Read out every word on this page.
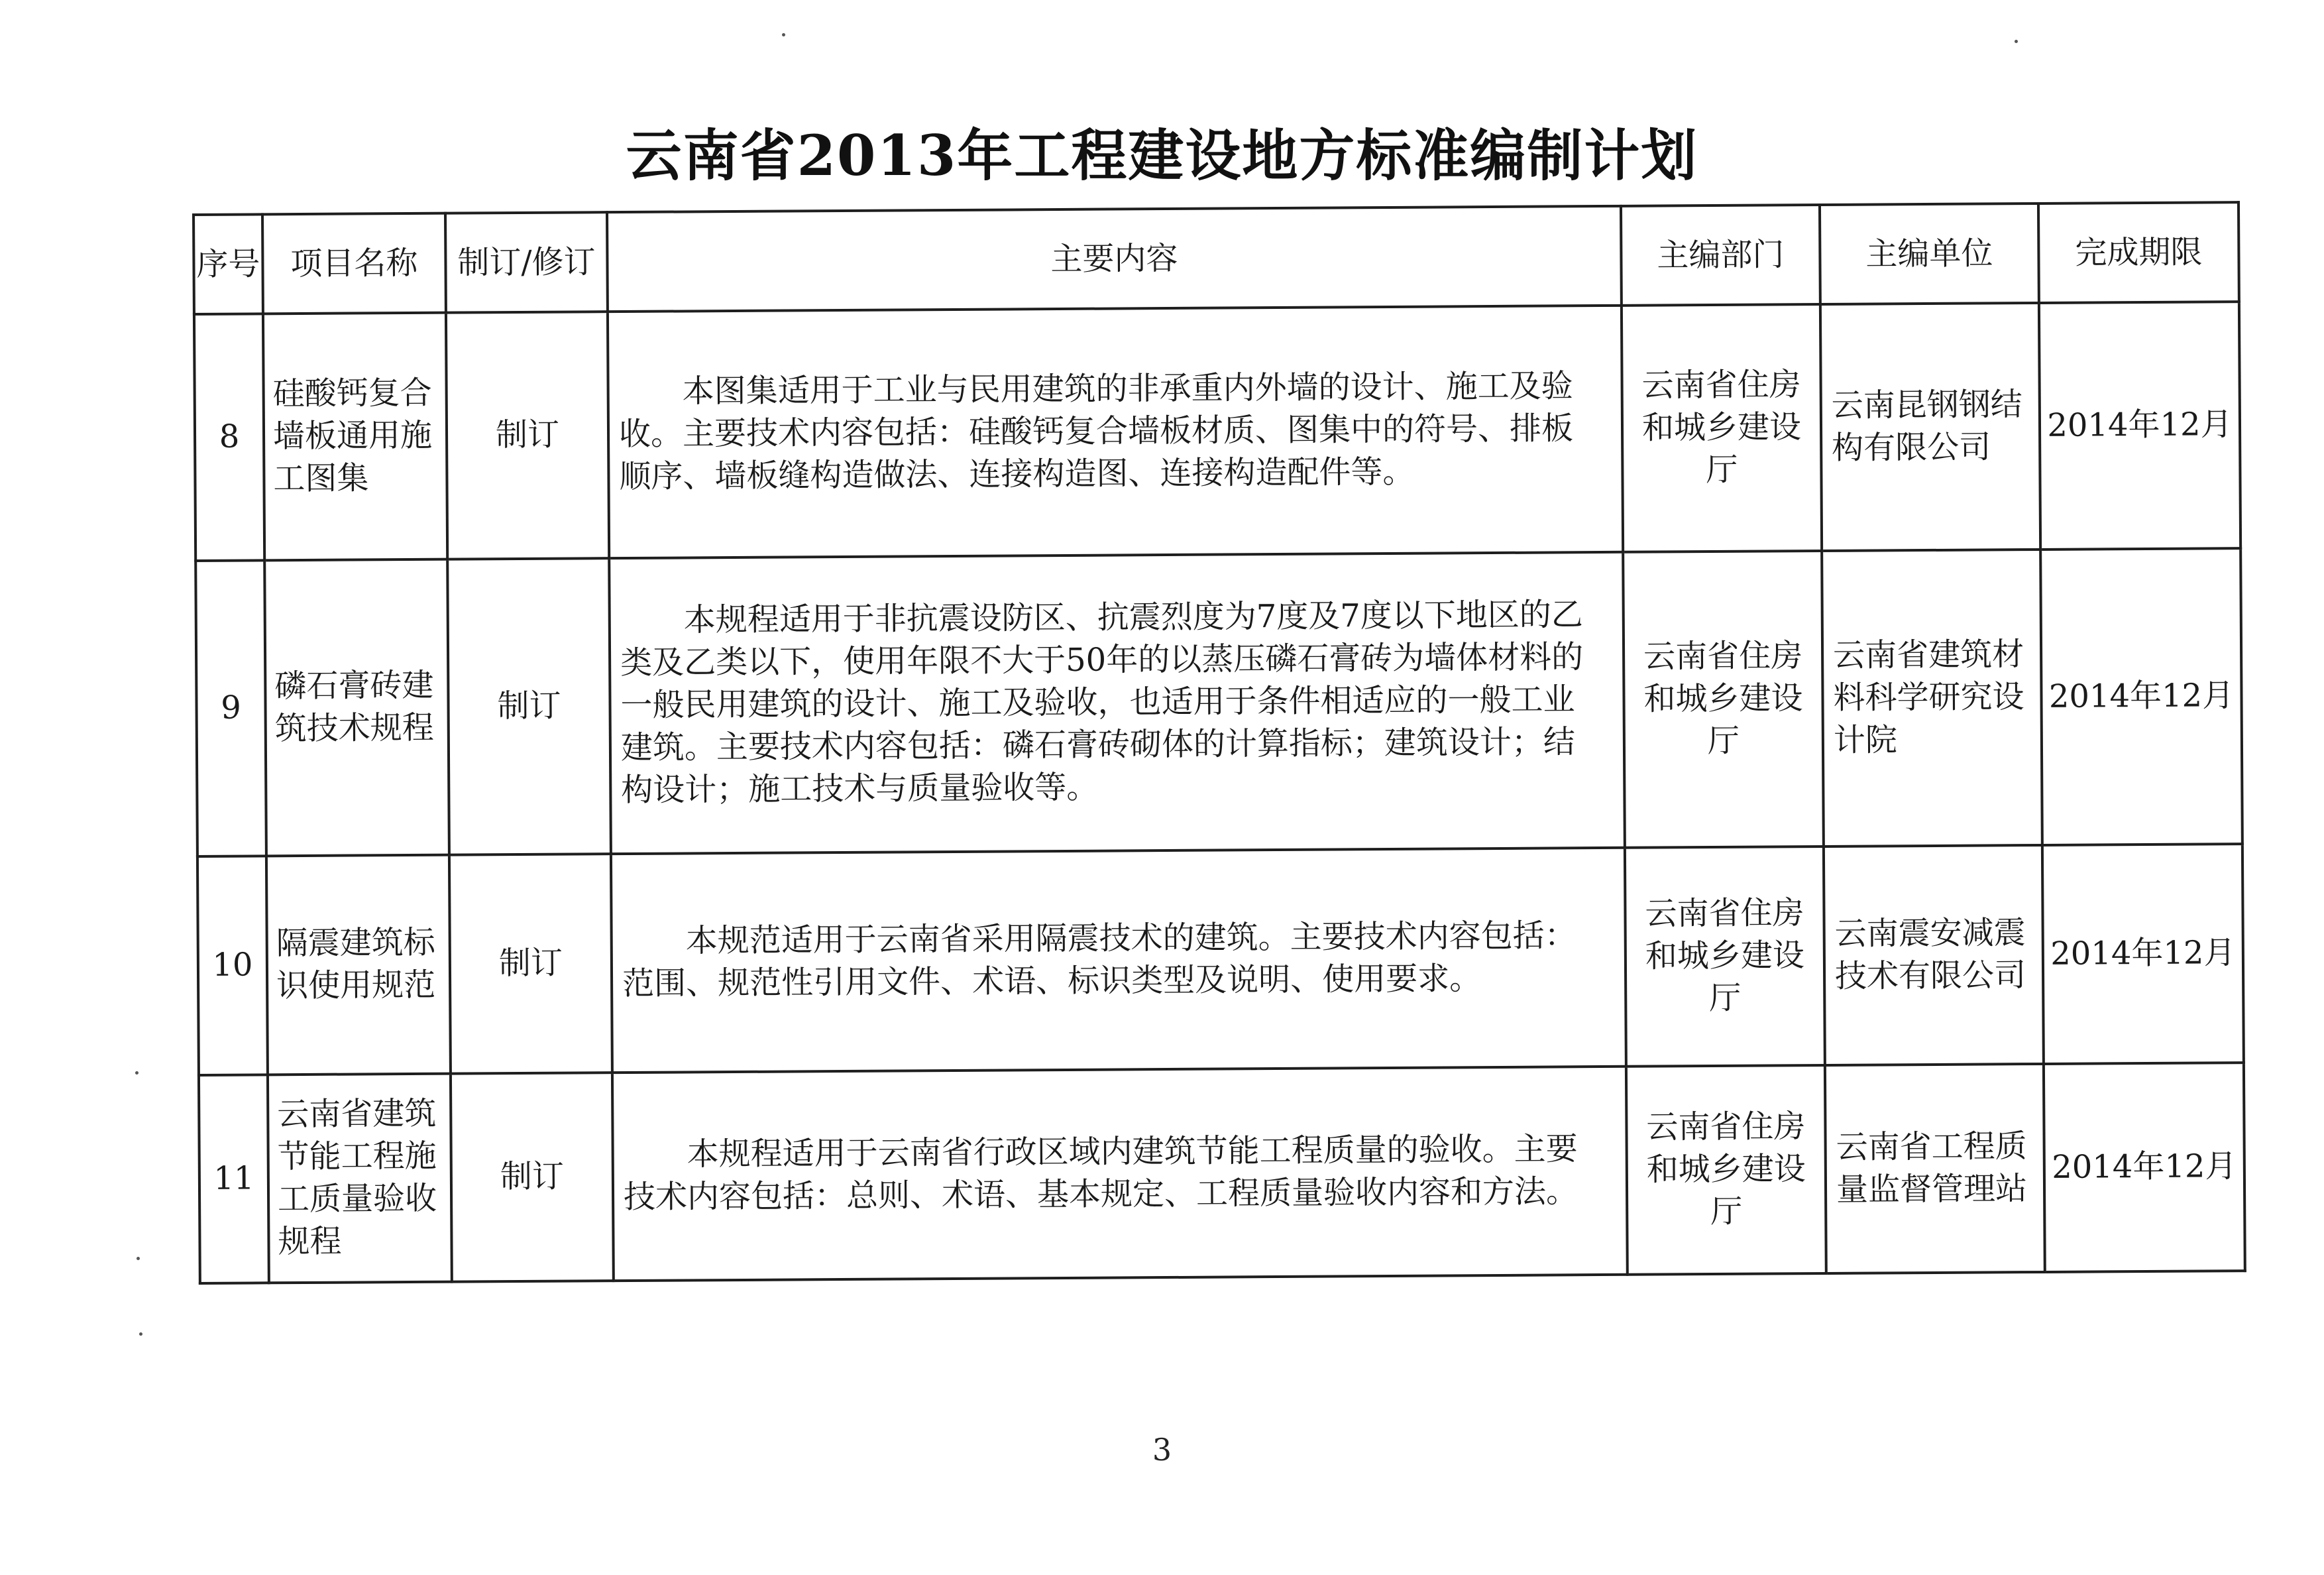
云南省2013年工程建设地方标准编制计划
序号	项目名称	制订/修订	主要内容	主编部门	主编单位	完成期限
8	硅酸钙复合墙板通用施工图集	制订	本图集适用于工业与民用建筑的非承重内外墙的设计、施工及验收。主要技术内容包括：硅酸钙复合墙板材质、图集中的符号、排板顺序、墙板缝构造做法、连接构造图、连接构造配件等。	云南省住房和城乡建设厅	云南昆钢钢结构有限公司	2014年12月
9	磷石膏砖建筑技术规程	制订	本规程适用于非抗震设防区、抗震烈度为7度及7度以下地区的乙类及乙类以下，使用年限不大于50年的以蒸压磷石膏砖为墙体材料的一般民用建筑的设计、施工及验收，也适用于条件相适应的一般工业建筑。主要技术内容包括：磷石膏砖砌体的计算指标；建筑设计；结构设计；施工技术与质量验收等。	云南省住房和城乡建设厅	云南省建筑材料科学研究设计院	2014年12月
10	隔震建筑标识使用规范	制订	本规范适用于云南省采用隔震技术的建筑。主要技术内容包括：范围、规范性引用文件、术语、标识类型及说明、使用要求。	云南省住房和城乡建设厅	云南震安减震技术有限公司	2014年12月
11	云南省建筑节能工程施工质量验收规程	制订	本规程适用于云南省行政区域内建筑节能工程质量的验收。主要技术内容包括：总则、术语、基本规定、工程质量验收内容和方法。	云南省住房和城乡建设厅	云南省工程质量监督管理站	2014年12月
3
